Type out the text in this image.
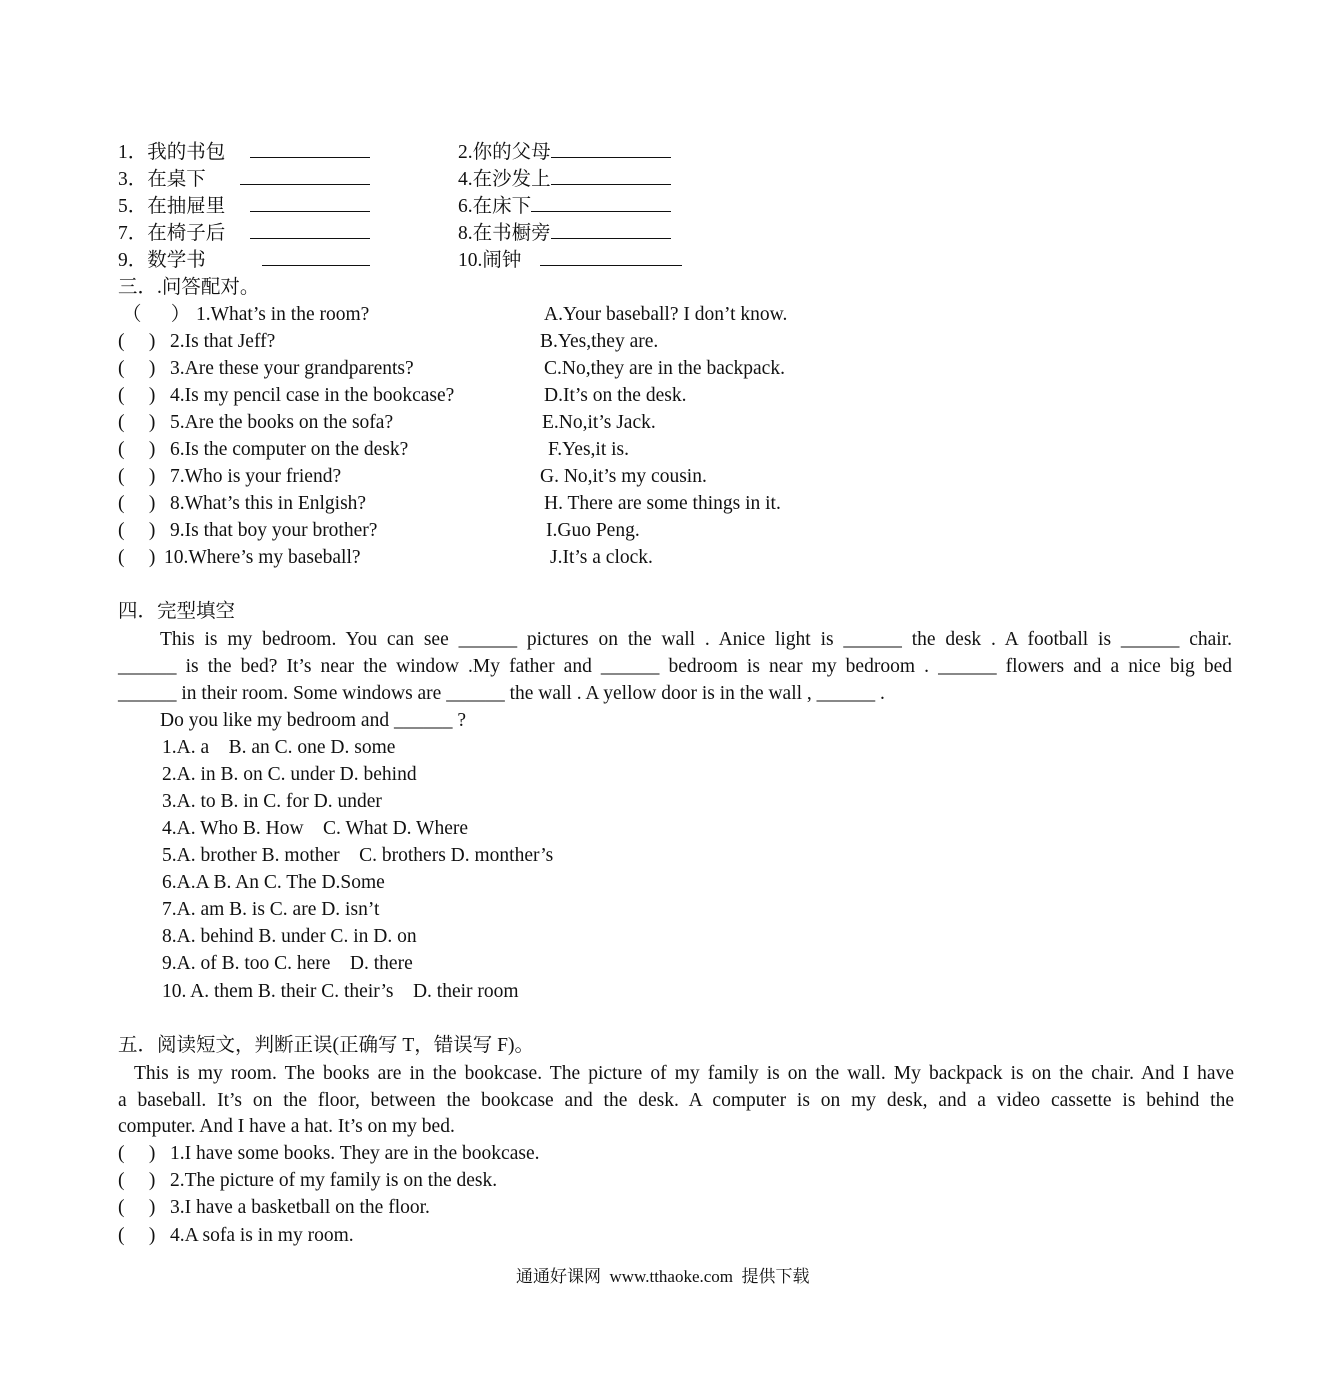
1．我的书包	2.你的父母
3．在桌下	4.在沙发上
5．在抽屉里	6.在床下
7．在椅子后	8.在书橱旁
9．数学书	10.闹钟
三．.问答配对。
（      ） 1.What’s in the room?	A.Your baseball? I don’t know.
(     ) 2.Is that Jeff?	B.Yes,they are.
(     ) 3.Are these your grandparents?	C.No,they are in the backpack.
(     ) 4.Is my pencil case in the bookcase?	D.It’s on the desk.
(     ) 5.Are the books on the sofa?	E.No,it’s Jack.
(     ) 6.Is the computer on the desk?	F.Yes,it is.
(     ) 7.Who is your friend?	G. No,it’s my cousin.
(     ) 8.What’s this in Enlgish?	H. There are some things in it.
(     ) 9.Is that boy your brother?	I.Guo Peng.
(     ) 10.Where’s my baseball?	J.It’s a clock.
四．完型填空
This is my bedroom. You can see ______ pictures on the wall . Anice light is ______ the desk . A football is ______ chair.
______ is the bed? It’s near the window .My father and ______ bedroom is near my bedroom . ______ flowers and a nice big bed
______ in their room. Some windows are ______ the wall . A yellow door is in the wall , ______ .
Do you like my bedroom and ______ ?
1.A. a    B. an C. one D. some
2.A. in B. on C. under D. behind
3.A. to B. in C. for D. under
4.A. Who B. How    C. What D. Where
5.A. brother B. mother    C. brothers D. monther’s
6.A.A B. An C. The D.Some
7.A. am B. is C. are D. isn’t
8.A. behind B. under C. in D. on
9.A. of B. too C. here    D. there
10. A. them B. their C. their’s    D. their room
五．阅读短文，判断正误(正确写 T，错误写 F)。
This is my room. The books are in the bookcase. The picture of my family is on the wall. My backpack is on the chair. And I have
a baseball. It’s on the floor, between the bookcase and the desk. A computer is on my desk, and a video cassette is behind the
computer. And I have a hat. It’s on my bed.
(     ) 1.I have some books. They are in the bookcase.
(     ) 2.The picture of my family is on the desk.
(     ) 3.I have a basketball on the floor.
(     ) 4.A sofa is in my room.
通通好课网  www.tthaoke.com  提供下载
